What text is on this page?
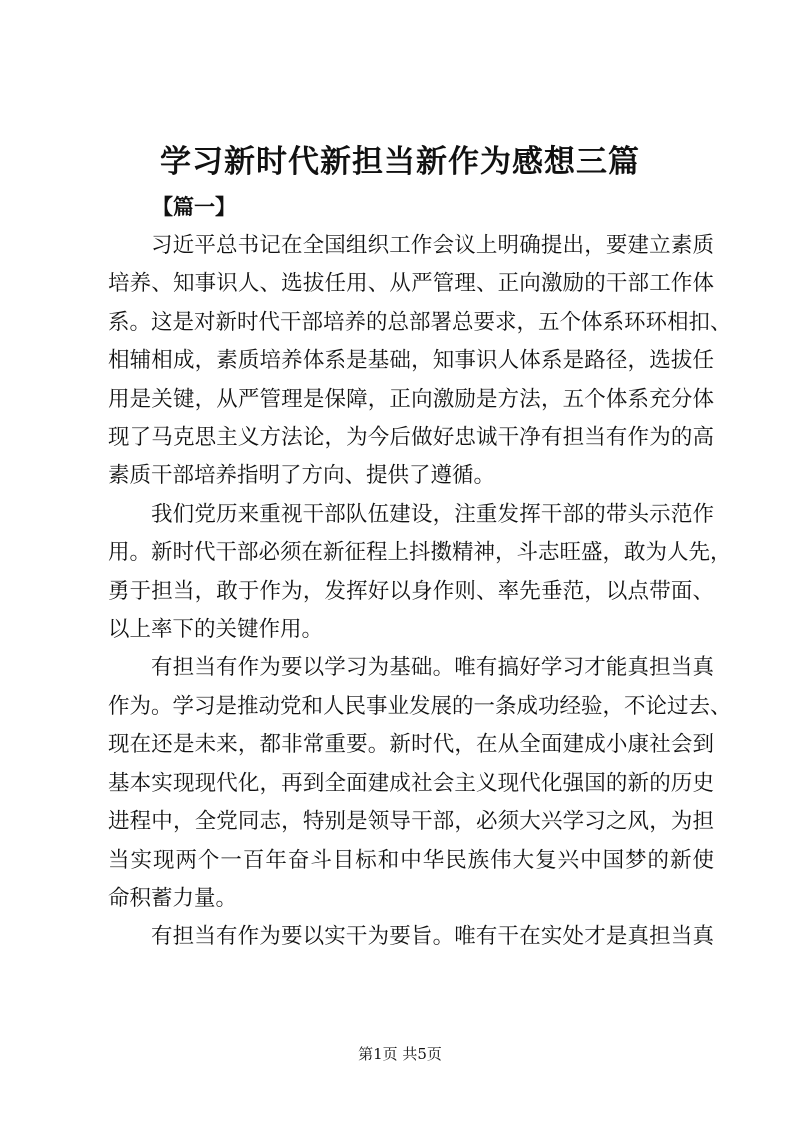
学习新时代新担当新作为感想三篇
【篇一】

习近平总书记在全国组织工作会议上明确提出，要建立素质
培养、知事识人、选拔任用、从严管理、正向激励的干部工作体
系。这是对新时代干部培养的总部署总要求，五个体系环环相扣、
相辅相成，素质培养体系是基础，知事识人体系是路径，选拔任
用是关键，从严管理是保障，正向激励是方法，五个体系充分体
现了马克思主义方法论，为今后做好忠诚干净有担当有作为的高
素质干部培养指明了方向、提供了遵循。

我们党历来重视干部队伍建设，注重发挥干部的带头示范作
用。新时代干部必须在新征程上抖擞精神，斗志旺盛，敢为人先，
勇于担当，敢于作为，发挥好以身作则、率先垂范，以点带面、
以上率下的关键作用。

有担当有作为要以学习为基础。唯有搞好学习才能真担当真
作为。学习是推动党和人民事业发展的一条成功经验，不论过去、
现在还是未来，都非常重要。新时代，在从全面建成小康社会到
基本实现现代化，再到全面建成社会主义现代化强国的新的历史
进程中，全党同志，特别是领导干部，必须大兴学习之风，为担
当实现两个一百年奋斗目标和中华民族伟大复兴中国梦的新使
命积蓄力量。

有担当有作为要以实干为要旨。唯有干在实处才是真担当真

第1页 共5页
